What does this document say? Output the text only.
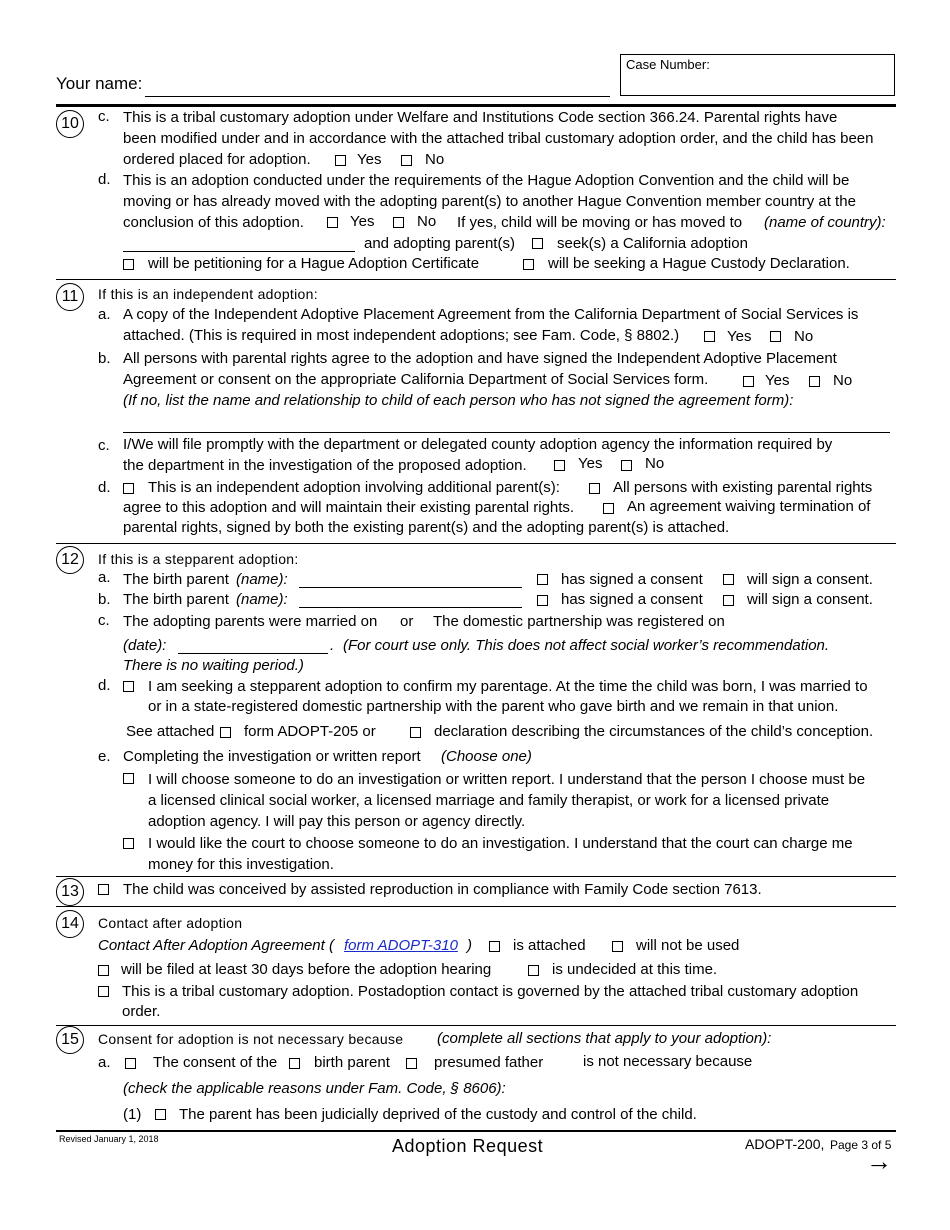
Your name:
Case Number:
10	c. This is a tribal customary adoption under Welfare and Institutions Code section 366.24. Parental rights have
been modified under and in accordance with the attached tribal customary adoption order, and the child has been
ordered placed for adoption.	Yes	No
d. This is an adoption conducted under the requirements of the Hague Adoption Convention and the child will be
moving or has already moved with the adopting parent(s) to another Hague Convention member country at the
conclusion of this adoption.	Yes	No If yes, child will be moving or has moved to (name of country):
and adopting parent(s)	seek(s) a California adoption
will be petitioning for a Hague Adoption Certificate	will be seeking a Hague Custody Declaration.
11	If this is an independent adoption:
a. A copy of the Independent Adoptive Placement Agreement from the California Department of Social Services is
attached. (This is required in most independent adoptions; see Fam. Code, § 8802.)	Yes	No
b. All persons with parental rights agree to the adoption and have signed the Independent Adoptive Placement
Agreement or consent on the appropriate California Department of Social Services form.	Yes	No
(If no, list the name and relationship to child of each person who has not signed the agreement form):
c. I/We will file promptly with the department or delegated county adoption agency the information required by
the department in the investigation of the proposed adoption.	Yes	No
d. This is an independent adoption involving additional parent(s):	All persons with existing parental rights
agree to this adoption and will maintain their existing parental rights.	An agreement waiving termination of
parental rights, signed by both the existing parent(s) and the adopting parent(s) is attached.
12	If this is a stepparent adoption:
a. The birth parent (name):	has signed a consent	will sign a consent.
b. The birth parent (name):	has signed a consent	will sign a consent.
c. The adopting parents were married on or The domestic partnership was registered on
(date):	. (For court use only. This does not affect social worker’s recommendation.
There is no waiting period.)
d. I am seeking a stepparent adoption to confirm my parentage. At the time the child was born, I was married to
or in a state-registered domestic partnership with the parent who gave birth and we remain in that union.
See attached form ADOPT-205 or	declaration describing the circumstances of the child’s conception.
e. Completing the investigation or written report (Choose one)
I will choose someone to do an investigation or written report. I understand that the person I choose must be
a licensed clinical social worker, a licensed marriage and family therapist, or work for a licensed private
adoption agency. I will pay this person or agency directly.
I would like the court to choose someone to do an investigation. I understand that the court can charge me
money for this investigation.
13	The child was conceived by assisted reproduction in compliance with Family Code section 7613.
14	Contact after adoption
Contact After Adoption Agreement ( form ADOPT-310 )	is attached	will not be used
will be filed at least 30 days before the adoption hearing	is undecided at this time.
This is a tribal customary adoption. Postadoption contact is governed by the attached tribal customary adoption
order.
15	Consent for adoption is not necessary because (complete all sections that apply to your adoption):
a.	The consent of the birth parent	presumed father	is not necessary because
(check the applicable reasons under Fam. Code, § 8606):
(1)	The parent has been judicially deprived of the custody and control of the child.
Revised January 1, 2018	Adoption Request	ADOPT-200, Page 3 of 5
→
